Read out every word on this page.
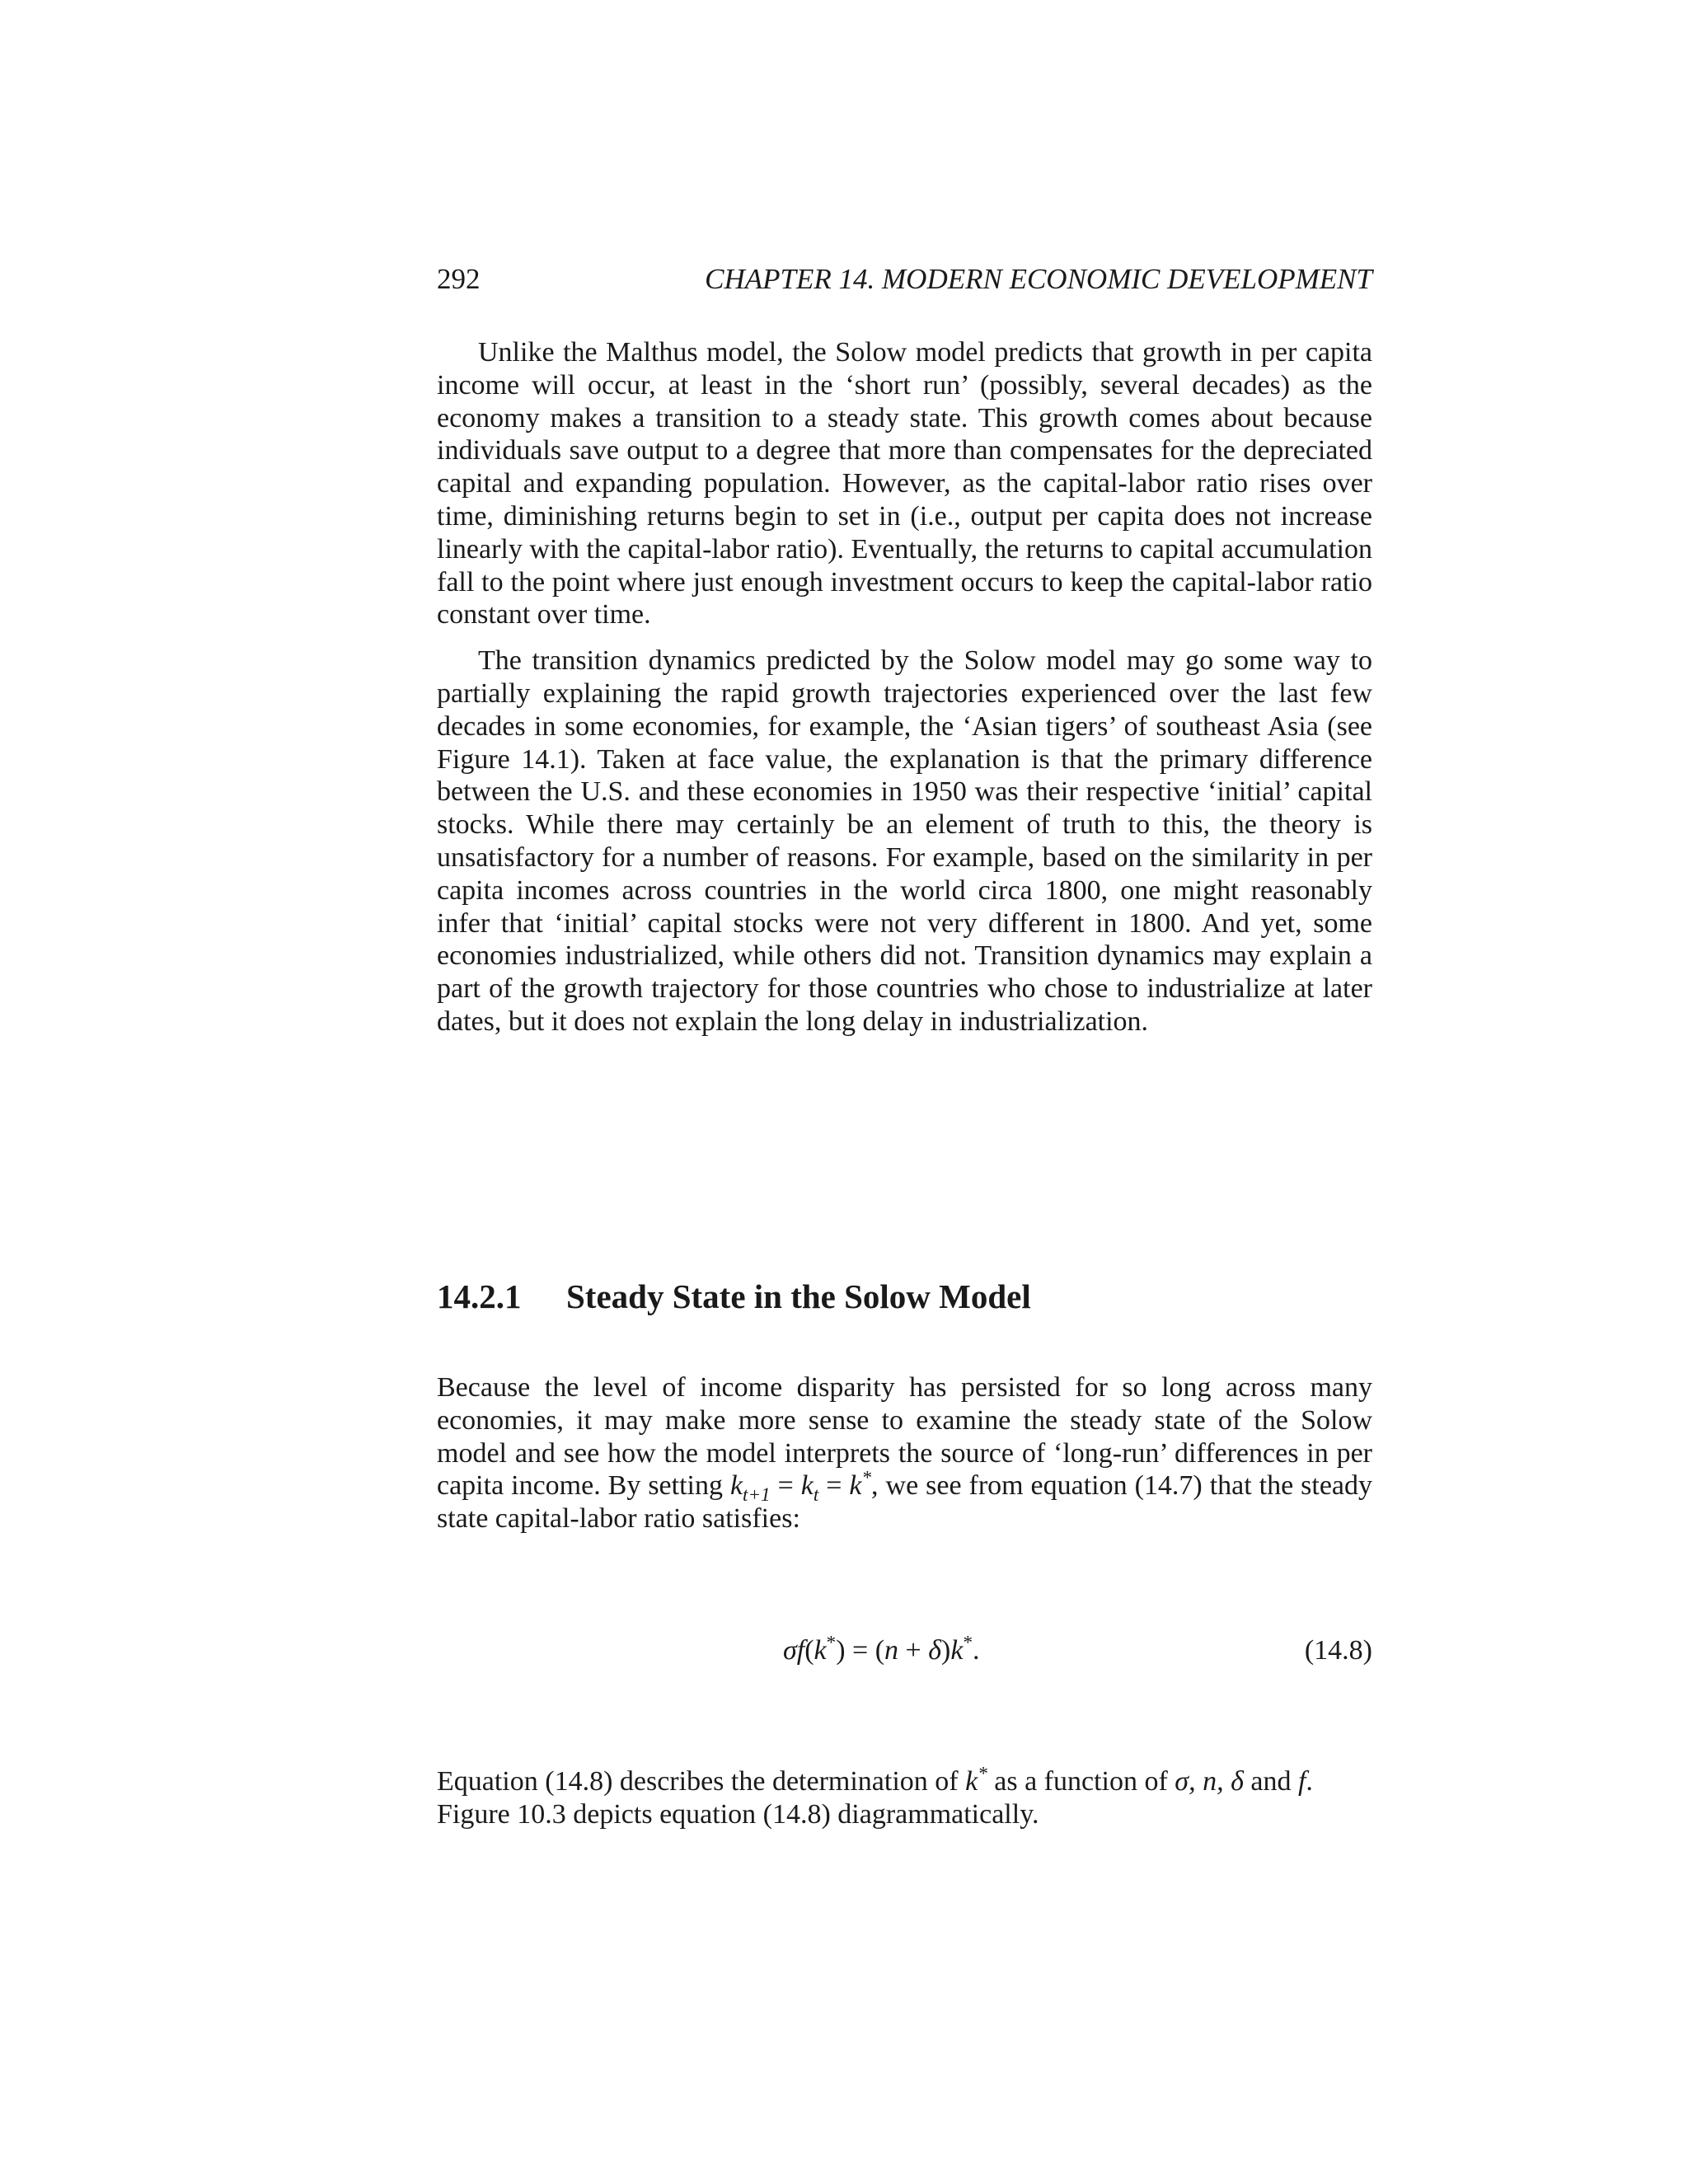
292	CHAPTER 14. MODERN ECONOMIC DEVELOPMENT

Unlike the Malthus model, the Solow model predicts that growth in per capita income will occur, at least in the ‘short run’ (possibly, several decades) as the economy makes a transition to a steady state. This growth comes about because individuals save output to a degree that more than compensates for the depreciated capital and expanding population. However, as the capital-labor ratio rises over time, diminishing returns begin to set in (i.e., output per capita does not increase linearly with the capital-labor ratio). Eventually, the returns to capital accumulation fall to the point where just enough investment occurs to keep the capital-labor ratio constant over time.

The transition dynamics predicted by the Solow model may go some way to partially explaining the rapid growth trajectories experienced over the last few decades in some economies, for example, the ‘Asian tigers’ of southeast Asia (see Figure 14.1). Taken at face value, the explanation is that the primary difference between the U.S. and these economies in 1950 was their respective ‘initial’ capital stocks. While there may certainly be an element of truth to this, the theory is unsatisfactory for a number of reasons. For example, based on the similarity in per capita incomes across countries in the world circa 1800, one might reasonably infer that ‘initial’ capital stocks were not very different in 1800. And yet, some economies industrialized, while others did not. Transition dynamics may explain a part of the growth trajectory for those countries who chose to industrialize at later dates, but it does not explain the long delay in industrialization.

14.2.1 Steady State in the Solow Model

Because the level of income disparity has persisted for so long across many economies, it may make more sense to examine the steady state of the Solow model and see how the model interprets the source of ‘long-run’ differences in per capita income. By setting $k_{t+1} = k_t = k^*$, we see from equation (14.7) that the steady state capital-labor ratio satisfies:

σf(k*) = (n + δ)k*.	(14.8)

Equation (14.8) describes the determination of k* as a function of σ, n, δ and f.
Figure 10.3 depicts equation (14.8) diagrammatically.
